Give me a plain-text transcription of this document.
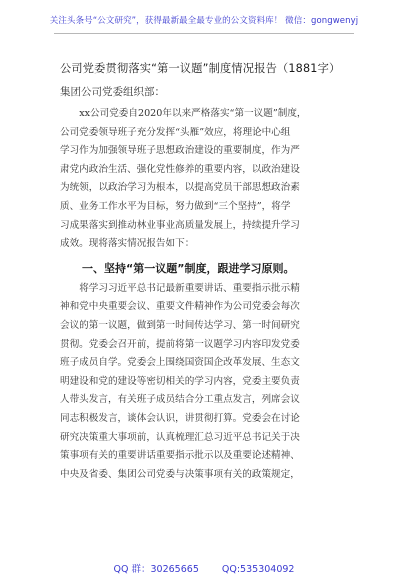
关注头条号“公文研究”，获得最新最全最专业的公文资料库！ 微信：gongwenyj
公司党委贯彻落实“第一议题”制度情况报告（1881字）
集团公司党委组织部：
xx公司党委自2020年以来严格落实“第一议题”制度，
公司党委领导班子充分发挥“头雁”效应，将理论中心组
学习作为加强领导班子思想政治建设的重要制度，作为严
肃党内政治生活、强化党性修养的重要内容，以政治建设
为统领，以政治学习为根本，以提高党员干部思想政治素
质、业务工作水平为目标，努力做到“三个坚持”，将学
习成果落实到推动林业事业高质量发展上，持续提升学习
成效。现将落实情况报告如下：
一、坚持“第一议题”制度，跟进学习原则。
将学习习近平总书记最新重要讲话、重要指示批示精
神和党中央重要会议、重要文件精神作为公司党委会每次
会议的第一议题，做到第一时间传达学习、第一时间研究
贯彻。党委会召开前，提前将第一议题学习内容印发党委
班子成员自学。党委会上围绕国资国企改革发展、生态文
明建设和党的建设等密切相关的学习内容，党委主要负责
人带头发言，有关班子成员结合分工重点发言，列席会议
同志积极发言，谈体会认识，讲贯彻打算。党委会在讨论
研究决策重大事项前，认真梳理汇总习近平总书记关于决
策事项有关的重要讲话重要指示批示以及重要论述精神、
中央及省委、集团公司党委与决策事项有关的政策规定，
QQ 群：30265665 QQ:535304092
